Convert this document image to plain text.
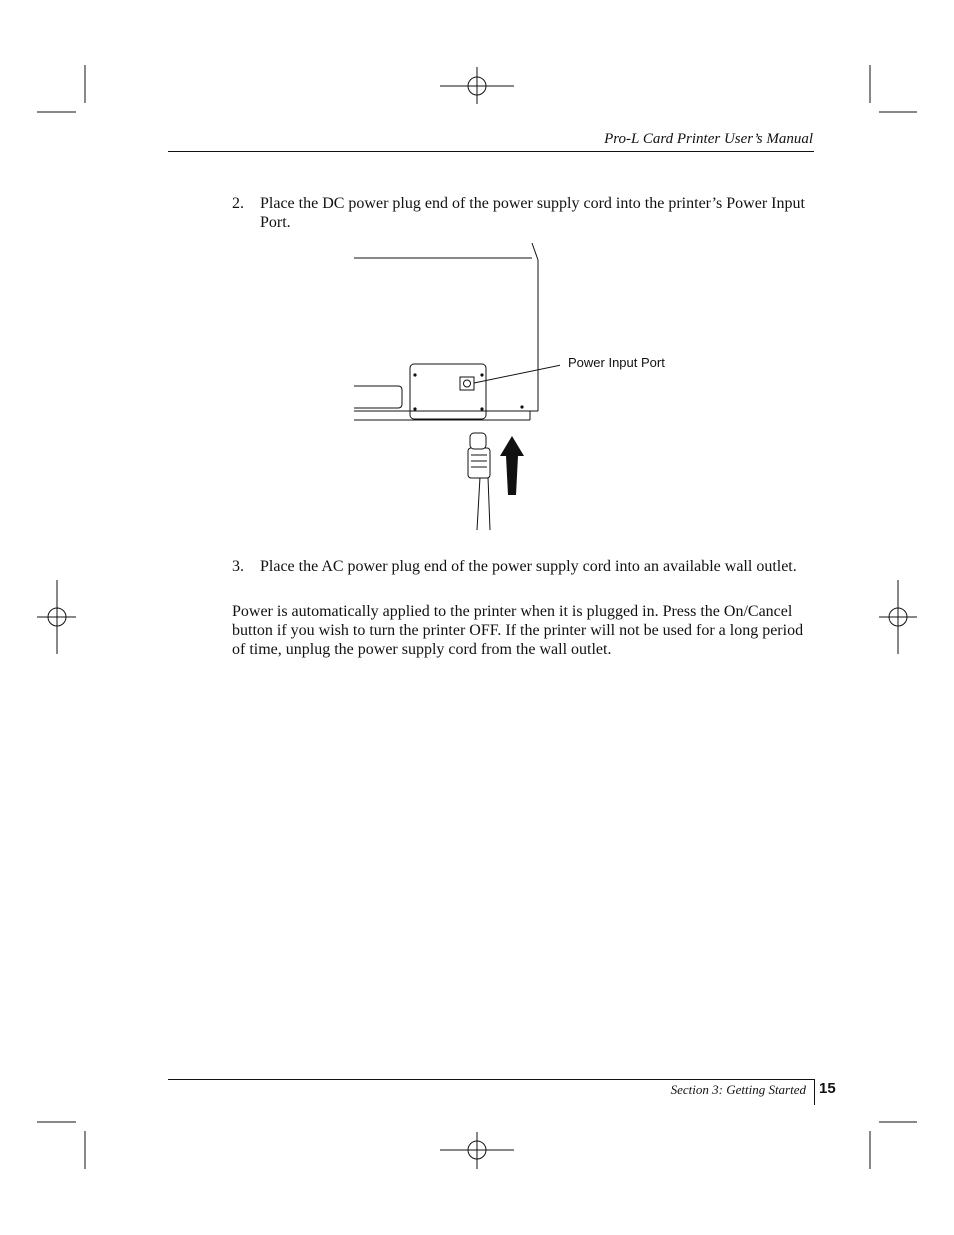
Pro-L Card Printer User’s Manual
2. Place the DC power plug end of the power supply cord into the printer’s Power Input Port.
Power Input Port
3. Place the AC power plug end of the power supply cord into an available wall outlet.
Power is automatically applied to the printer when it is plugged in. Press the On/Cancel button if you wish to turn the printer OFF. If the printer will not be used for a long period of time, unplug the power supply cord from the wall outlet.
Section 3: Getting Started 15
